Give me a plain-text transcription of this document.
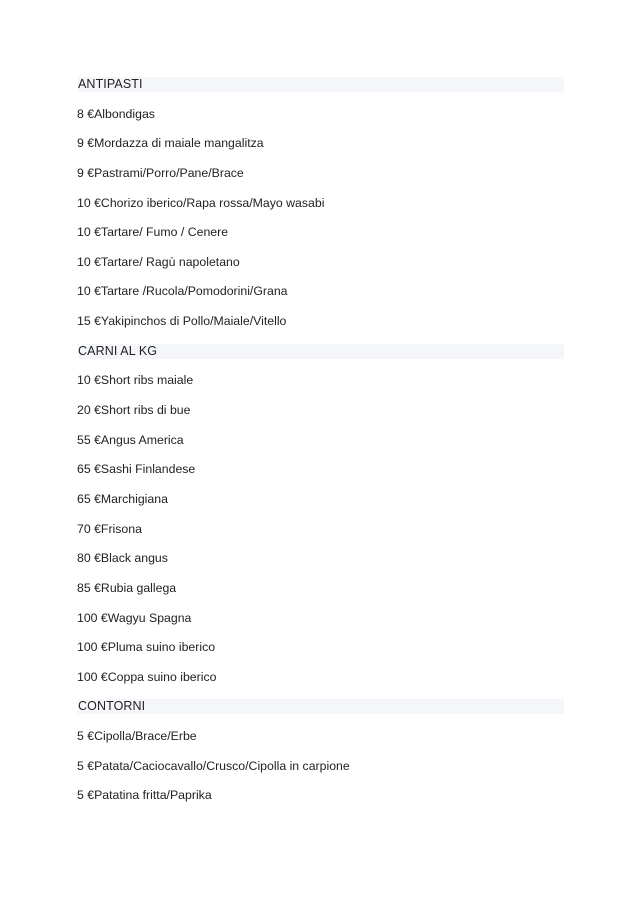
ANTIPASTI
8 €Albondigas
9 €Mordazza di maiale mangalitza
9 €Pastrami/Porro/Pane/Brace
10 €Chorizo iberico/Rapa rossa/Mayo wasabi
10 €Tartare/ Fumo / Cenere
10 €Tartare/ Ragù napoletano
10 €Tartare /Rucola/Pomodorini/Grana
15 €Yakipinchos di Pollo/Maiale/Vitello
CARNI AL KG
10 €Short ribs maiale
20 €Short ribs di bue
55 €Angus America
65 €Sashi Finlandese
65 €Marchigiana
70 €Frisona
80 €Black angus
85 €Rubia gallega
100 €Wagyu Spagna
100 €Pluma suino iberico
100 €Coppa suino iberico
CONTORNI
5 €Cipolla/Brace/Erbe
5 €Patata/Caciocavallo/Crusco/Cipolla in carpione
5 €Patatina fritta/Paprika
